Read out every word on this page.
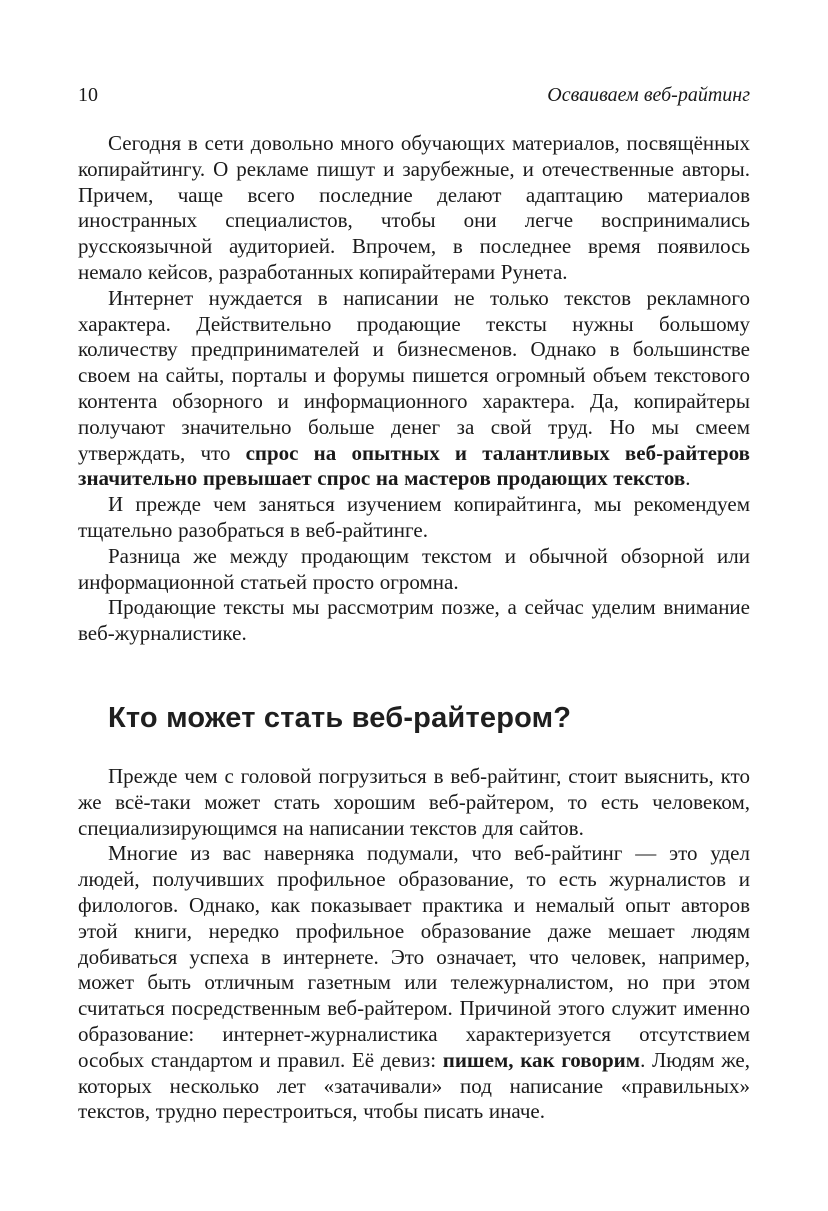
10	Осваиваем веб-райтинг

Сегодня в сети довольно много обучающих материалов, посвящённых копирайтингу. О рекламе пишут и зарубежные, и отечественные авторы. Причем, чаще всего последние делают адаптацию материалов иностранных специалистов, чтобы они легче воспринимались русскоязычной аудиторией. Впрочем, в последнее время появилось немало кейсов, разработанных копирайтерами Рунета.

Интернет нуждается в написании не только текстов рекламного характера. Действительно продающие тексты нужны большому количеству предпринимателей и бизнесменов. Однако в большинстве своем на сайты, порталы и форумы пишется огромный объем текстового контента обзорного и информационного характера. Да, копирайтеры получают значительно больше денег за свой труд. Но мы смеем утверждать, что спрос на опытных и талантливых веб-райтеров значительно превышает спрос на мастеров продающих текстов.

И прежде чем заняться изучением копирайтинга, мы рекомендуем тщательно разобраться в веб-райтинге.

Разница же между продающим текстом и обычной обзорной или информационной статьей просто огромна.

Продающие тексты мы рассмотрим позже, а сейчас уделим внимание веб-журналистике.

Кто может стать веб-райтером?

Прежде чем с головой погрузиться в веб-райтинг, стоит выяснить, кто же всё-таки может стать хорошим веб-райтером, то есть человеком, специализирующимся на написании текстов для сайтов.

Многие из вас наверняка подумали, что веб-райтинг — это удел людей, получивших профильное образование, то есть журналистов и филологов. Однако, как показывает практика и немалый опыт авторов этой книги, нередко профильное образование даже мешает людям добиваться успеха в интернете. Это означает, что человек, например, может быть отличным газетным или тележурналистом, но при этом считаться посредственным веб-райтером. Причиной этого служит именно образование: интернет-журналистика характеризуется отсутствием особых стандартом и правил. Её девиз: пишем, как говорим. Людям же, которых несколько лет «затачивали» под написание «правильных» текстов, трудно перестроиться, чтобы писать иначе.
